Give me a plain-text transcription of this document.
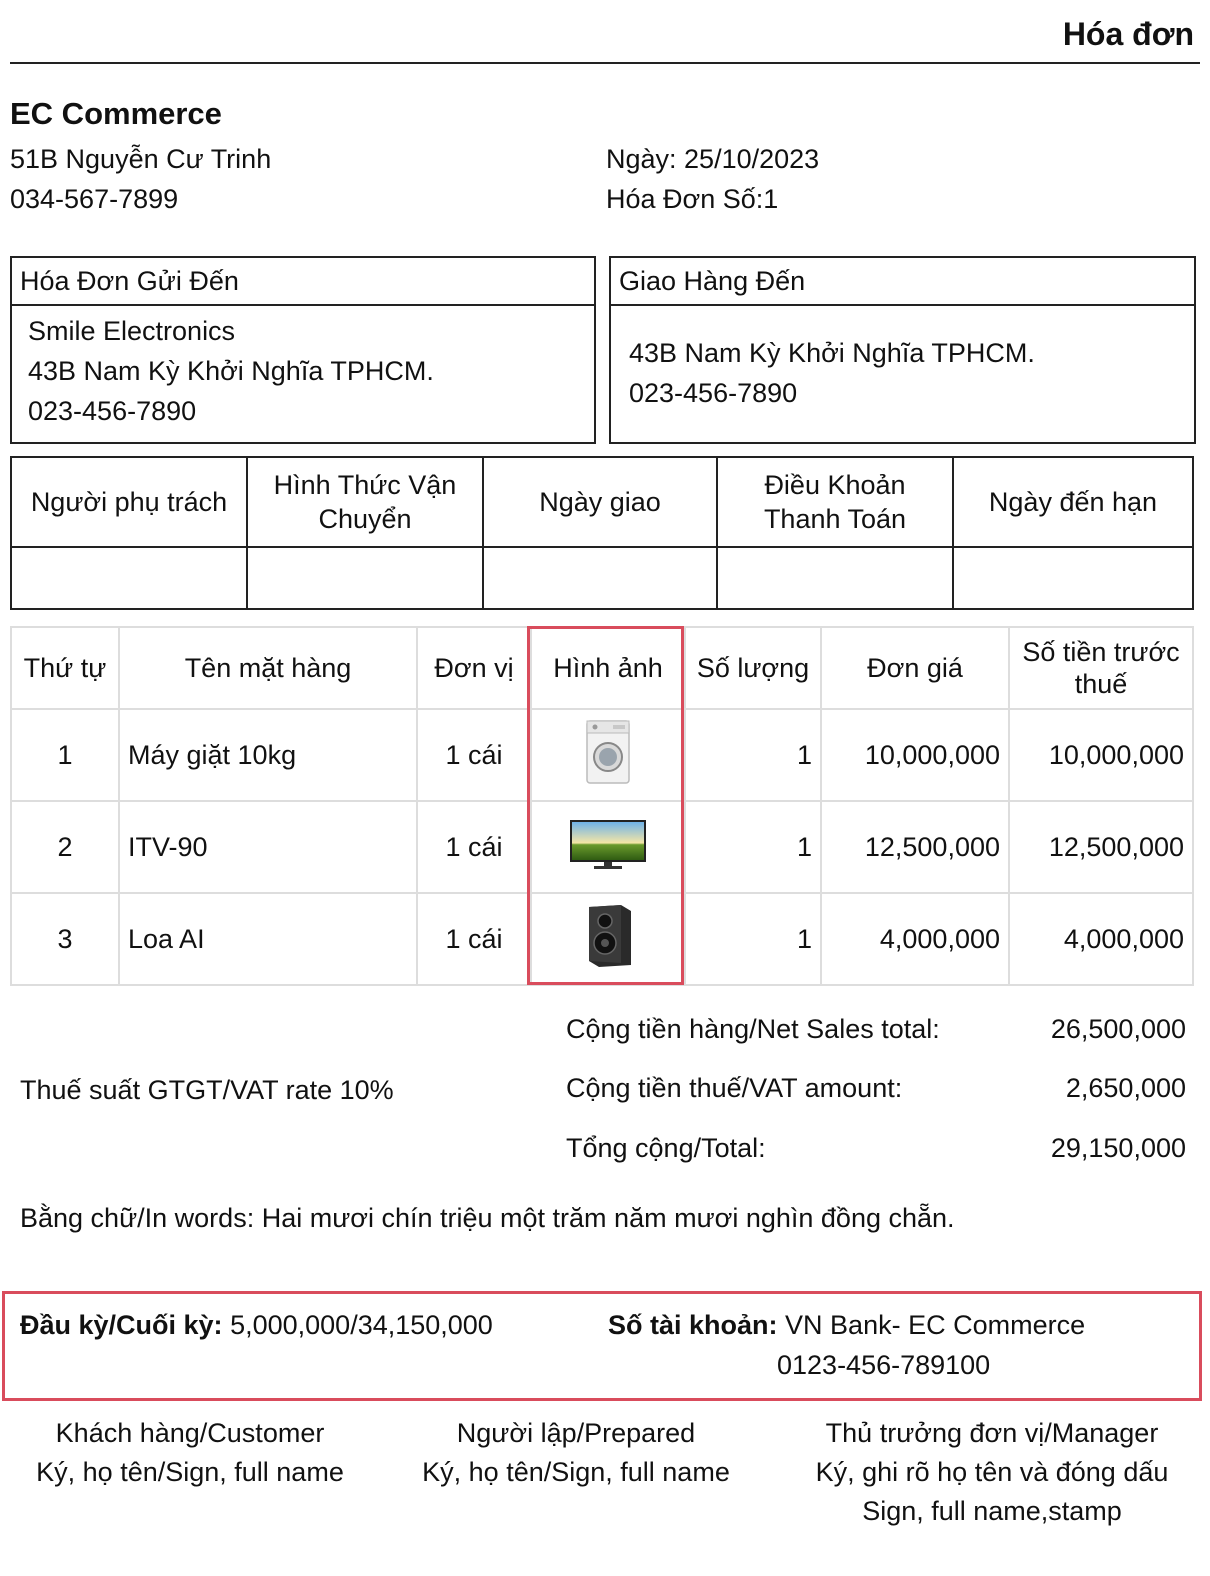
Hóa đơn
EC Commerce
51B Nguyễn Cư Trinh
034-567-7899
Ngày: 25/10/2023
Hóa Đơn Số:1
Hóa Đơn Gửi Đến
Smile Electronics
43B Nam Kỳ Khởi Nghĩa TPHCM.
023-456-7890
Giao Hàng Đến
43B Nam Kỳ Khởi Nghĩa TPHCM.
023-456-7890
Người phụ trách	Hình Thức Vận Chuyển	Ngày giao	Điều Khoản Thanh Toán	Ngày đến hạn

Thứ tự	Tên mặt hàng	Đơn vị	Hình ảnh	Số lượng	Đơn giá	Số tiền trước thuế
1	Máy giặt 10kg	1 cái		1	10,000,000	10,000,000
2	ITV-90	1 cái		1	12,500,000	12,500,000
3	Loa AI	1 cái		1	4,000,000	4,000,000
Thuế suất GTGT/VAT rate 10%
Cộng tiền hàng/Net Sales total:	26,500,000
Cộng tiền thuế/VAT amount:	2,650,000
Tổng cộng/Total:	29,150,000
Bằng chữ/In words: Hai mươi chín triệu một trăm năm mươi nghìn đồng chẵn.
Đầu kỳ/Cuối kỳ: 5,000,000/34,150,000	Số tài khoản: VN Bank- EC Commerce
0123-456-789100
Khách hàng/Customer
Ký, họ tên/Sign, full name
Người lập/Prepared
Ký, họ tên/Sign, full name
Thủ trưởng đơn vị/Manager
Ký, ghi rõ họ tên và đóng dấu
Sign, full name,stamp
